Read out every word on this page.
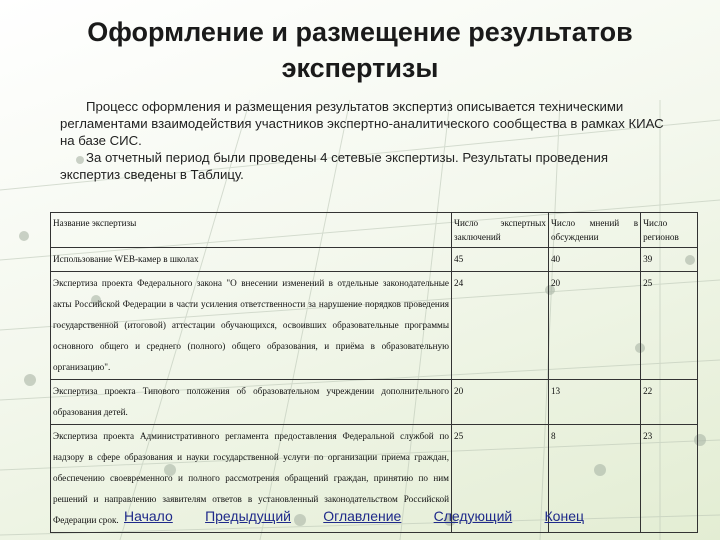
Оформление и размещение результатов экспертизы

Процесс оформления и размещения результатов экспертиз описывается техническими регламентами взаимодействия участников экспертно-аналитического сообщества в рамках КИАС на базе СИС.

За отчетный период были проведены 4 сетевые экспертизы. Результаты проведения экспертиз сведены в Таблицу.

Название экспертизы	Число экспертных заключений	Число мнений в обсуждении	Число регионов
Использование WEB-камер в школах	45	40	39
Экспертиза проекта Федерального закона "О внесении изменений в отдельные законодательные акты Российской Федерации в части усиления ответственности за нарушение порядков проведения государственной (итоговой) аттестации обучающихся, освоивших образовательные программы основного общего и среднего (полного) общего образования, и приёма в образовательную организацию".	24	20	25
Экспертиза проекта Типового положения об образовательном учреждении дополнительного образования детей.	20	13	22
Экспертиза проекта Административного регламента предоставления Федеральной службой по надзору в сфере образования и науки государственной услуги по организации приема граждан, обеспечению своевременного и полного рассмотрения обращений граждан, принятию по ним решений и направлению заявителям ответов в установленный законодательством Российской Федерации срок.	25	8	23
Начало Предыдущий Оглавление Следующий Конец
